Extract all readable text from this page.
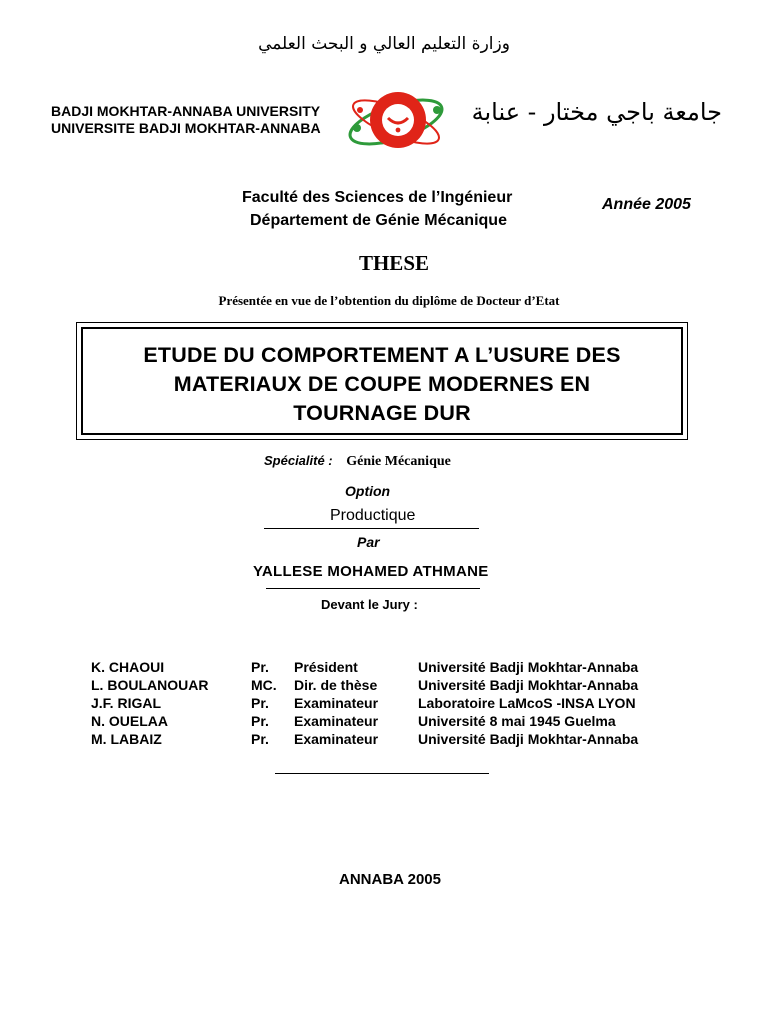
وزارة التعليم العالي و البحث العلمي
BADJI MOKHTAR-ANNABA UNIVERSITY
UNIVERSITE BADJI MOKHTAR-ANNABA
جامعة باجي مختار - عنابة
Faculté des Sciences de l’Ingénieur
Département de Génie Mécanique
Année 2005
THESE
Présentée en vue de l’obtention du diplôme de Docteur d’Etat
ETUDE DU COMPORTEMENT A L’USURE DES
MATERIAUX DE COUPE MODERNES EN
TOURNAGE DUR
Spécialité : Génie Mécanique
Option
Productique
Par
YALLESE MOHAMED ATHMANE
Devant le Jury :
K. CHAOUI	Pr. Président	Université Badji Mokhtar-Annaba
L. BOULANOUAR	MC. Dir. de thèse	Université Badji Mokhtar-Annaba
J.F. RIGAL	Pr. Examinateur	Laboratoire LaMcoS -INSA LYON
N. OUELAA	Pr. Examinateur	Université 8 mai 1945 Guelma
M. LABAIZ	Pr. Examinateur	Université Badji Mokhtar-Annaba
ANNABA 2005
